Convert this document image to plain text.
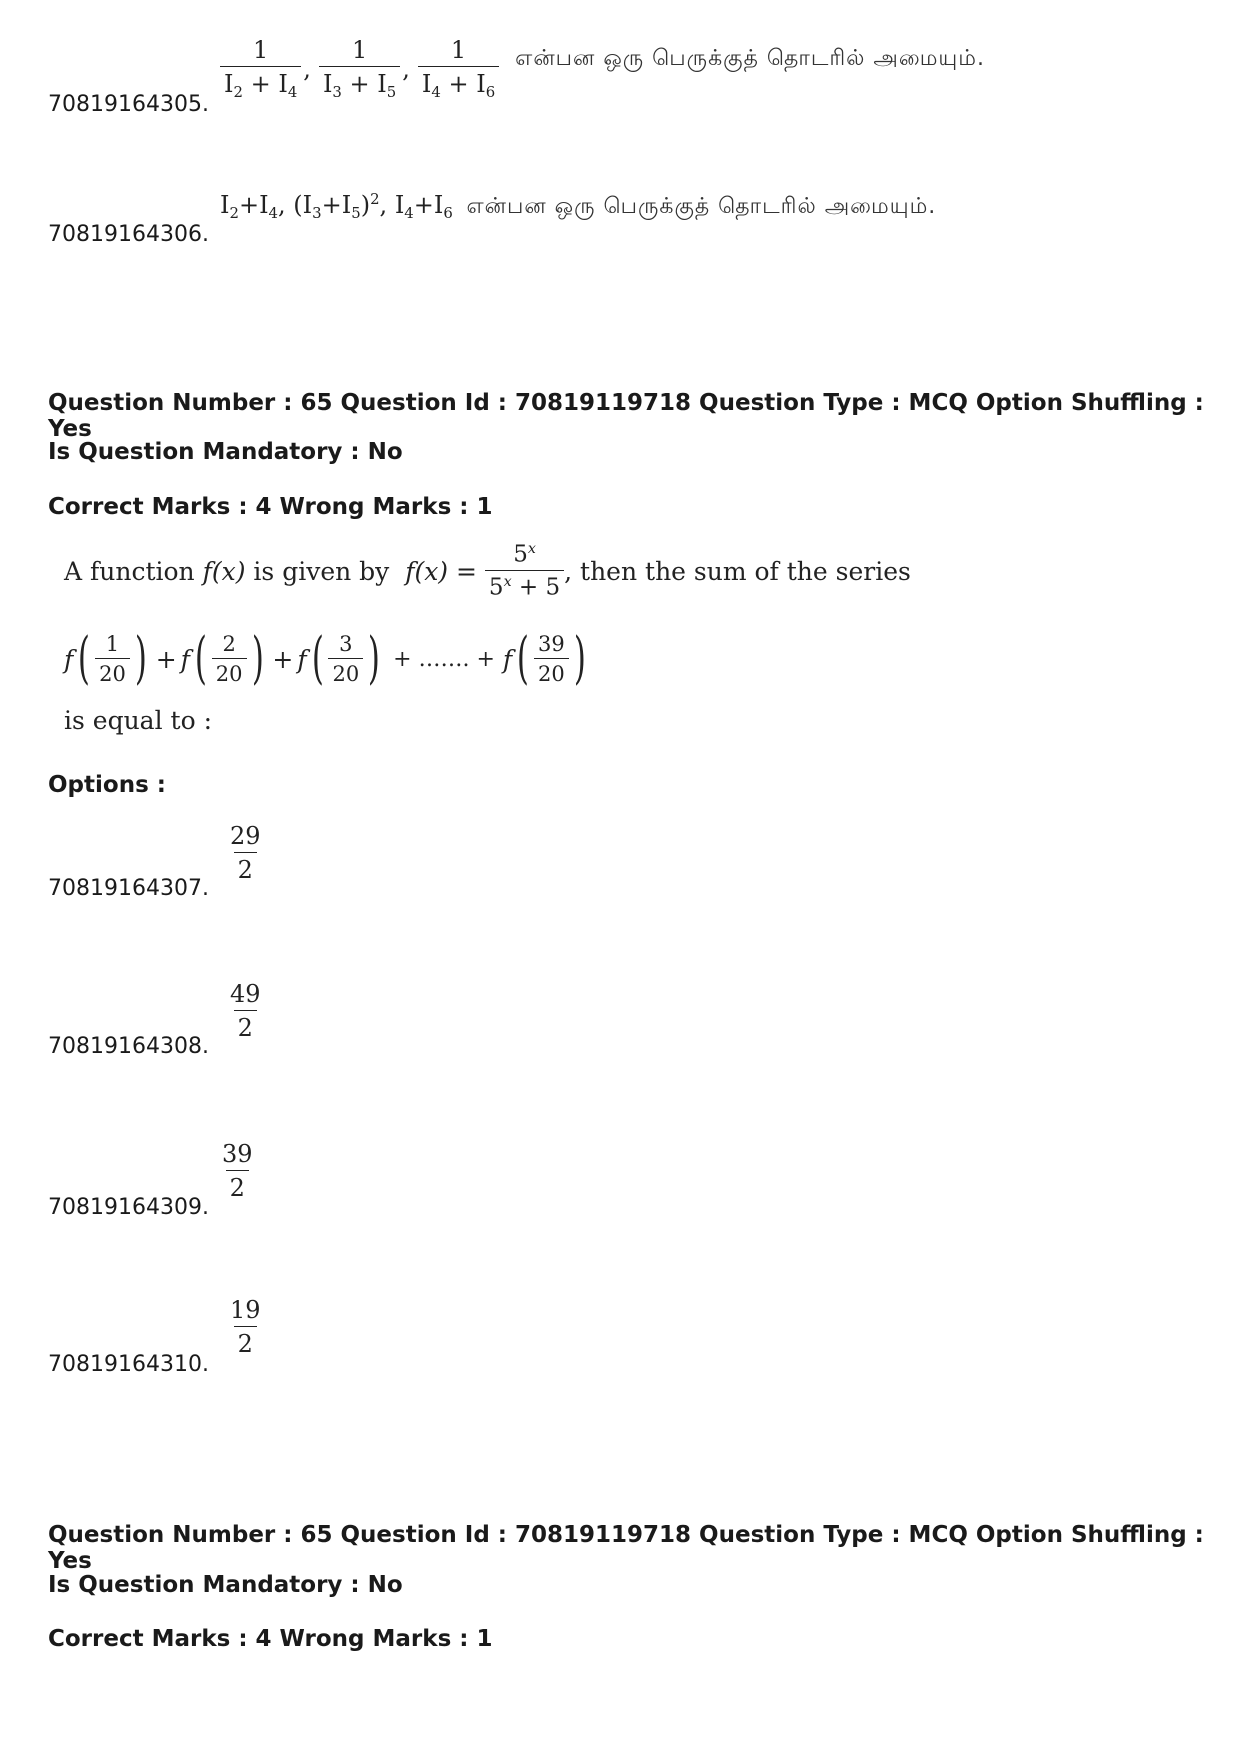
70819164305.
$\frac{1}{I_2 + I_4}$ , $\frac{1}{I_3 + I_5}$ , $\frac{1}{I_4 + I_6}$ என்பன ஒரு பெருக்குத் தொடரில் அமையும்.
70819164306.
$I_2+I_4$, $(I_3+I_5)^2$, $I_4+I_6$ என்பன ஒரு பெருக்குத் தொடரில் அமையும்.
Question Number : 65 Question Id : 70819119718 Question Type : MCQ Option Shuffling : Yes
Is Question Mandatory : No
Correct Marks : 4 Wrong Marks : 1
A function
f(x)
is given by
f(x) =
$\frac{5^x}{5^x + 5}$ , then the sum of the series
f ( $\frac{1}{20}$ ) + f ( $\frac{2}{20}$ ) + f ( $\frac{3}{20}$ ) + ……. + f ( $\frac{39}{20}$ )
is equal to :
Options :
70819164307.
$\frac{29}{2}$
70819164308.
$\frac{49}{2}$
70819164309.
$\frac{39}{2}$
70819164310.
$\frac{19}{2}$
Question Number : 65 Question Id : 70819119718 Question Type : MCQ Option Shuffling : Yes
Is Question Mandatory : No
Correct Marks : 4 Wrong Marks : 1
